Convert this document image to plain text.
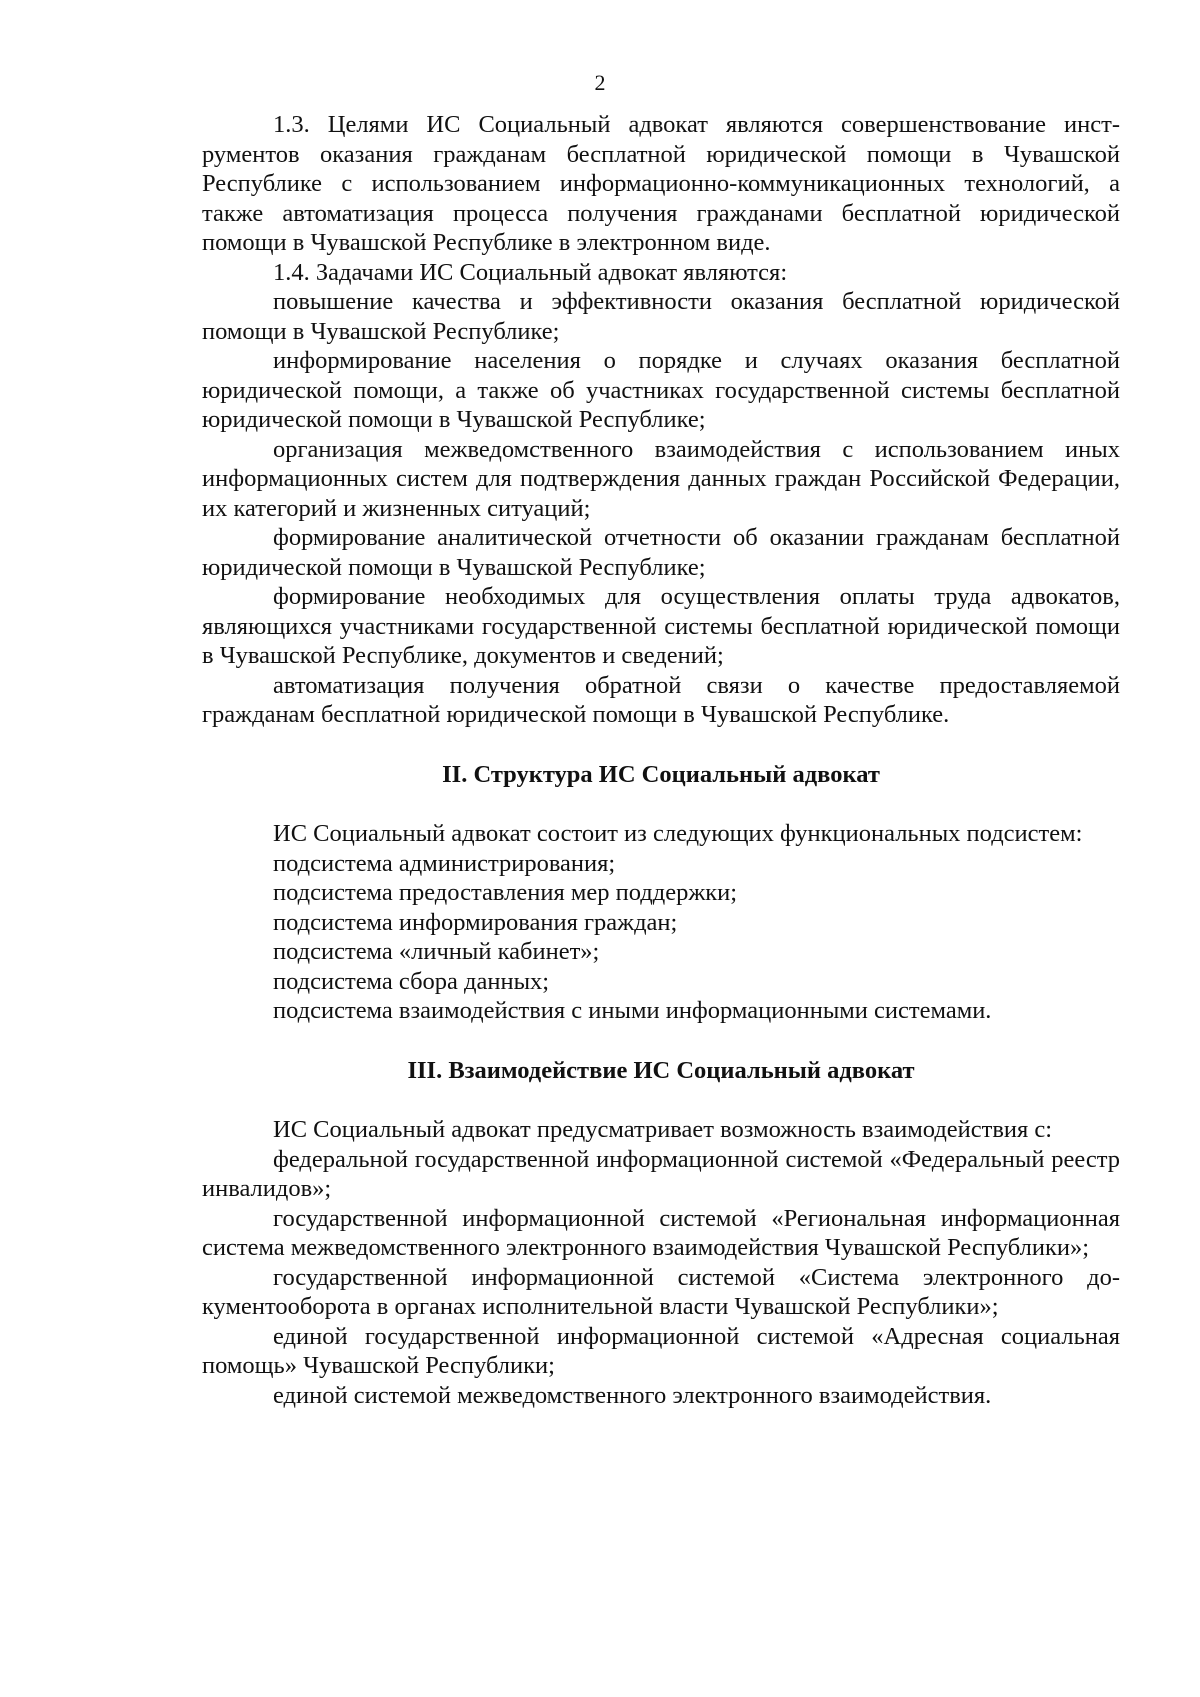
2

1.3. Целями ИС Социальный адвокат являются совершенствование инструментов оказания гражданам бесплатной юридической помощи в Чувашской Республике с использованием информационно-коммуникационных технологий, а также автоматизация процесса получения гражданами бесплатной юридической помощи в Чувашской Республике в электронном виде.

1.4. Задачами ИС Социальный адвокат являются:

повышение качества и эффективности оказания бесплатной юридической помощи в Чувашской Республике;

информирование населения о порядке и случаях оказания бесплатной юридической помощи, а также об участниках государственной системы бесплатной юридической помощи в Чувашской Республике;

организация межведомственного взаимодействия с использованием иных информационных систем для подтверждения данных граждан Российской Федерации, их категорий и жизненных ситуаций;

формирование аналитической отчетности об оказании гражданам бесплатной юридической помощи в Чувашской Республике;

формирование необходимых для осуществления оплаты труда адвокатов, являющихся участниками государственной системы бесплатной юридической помощи в Чувашской Республике, документов и сведений;

автоматизация получения обратной связи о качестве предоставляемой гражданам бесплатной юридической помощи в Чувашской Республике.

II. Структура ИС Социальный адвокат

ИС Социальный адвокат состоит из следующих функциональных подсистем:

подсистема администрирования;

подсистема предоставления мер поддержки;

подсистема информирования граждан;

подсистема «личный кабинет»;

подсистема сбора данных;

подсистема взаимодействия с иными информационными системами.

III. Взаимодействие ИС Социальный адвокат

ИС Социальный адвокат предусматривает возможность взаимодействия с:

федеральной государственной информационной системой «Федеральный реестр инвалидов»;

государственной информационной системой «Региональная информационная система межведомственного электронного взаимодействия Чувашской Республики»;

государственной информационной системой «Система электронного документооборота в органах исполнительной власти Чувашской Республики»;

единой государственной информационной системой «Адресная социальная помощь» Чувашской Республики;

единой системой межведомственного электронного взаимодействия.
